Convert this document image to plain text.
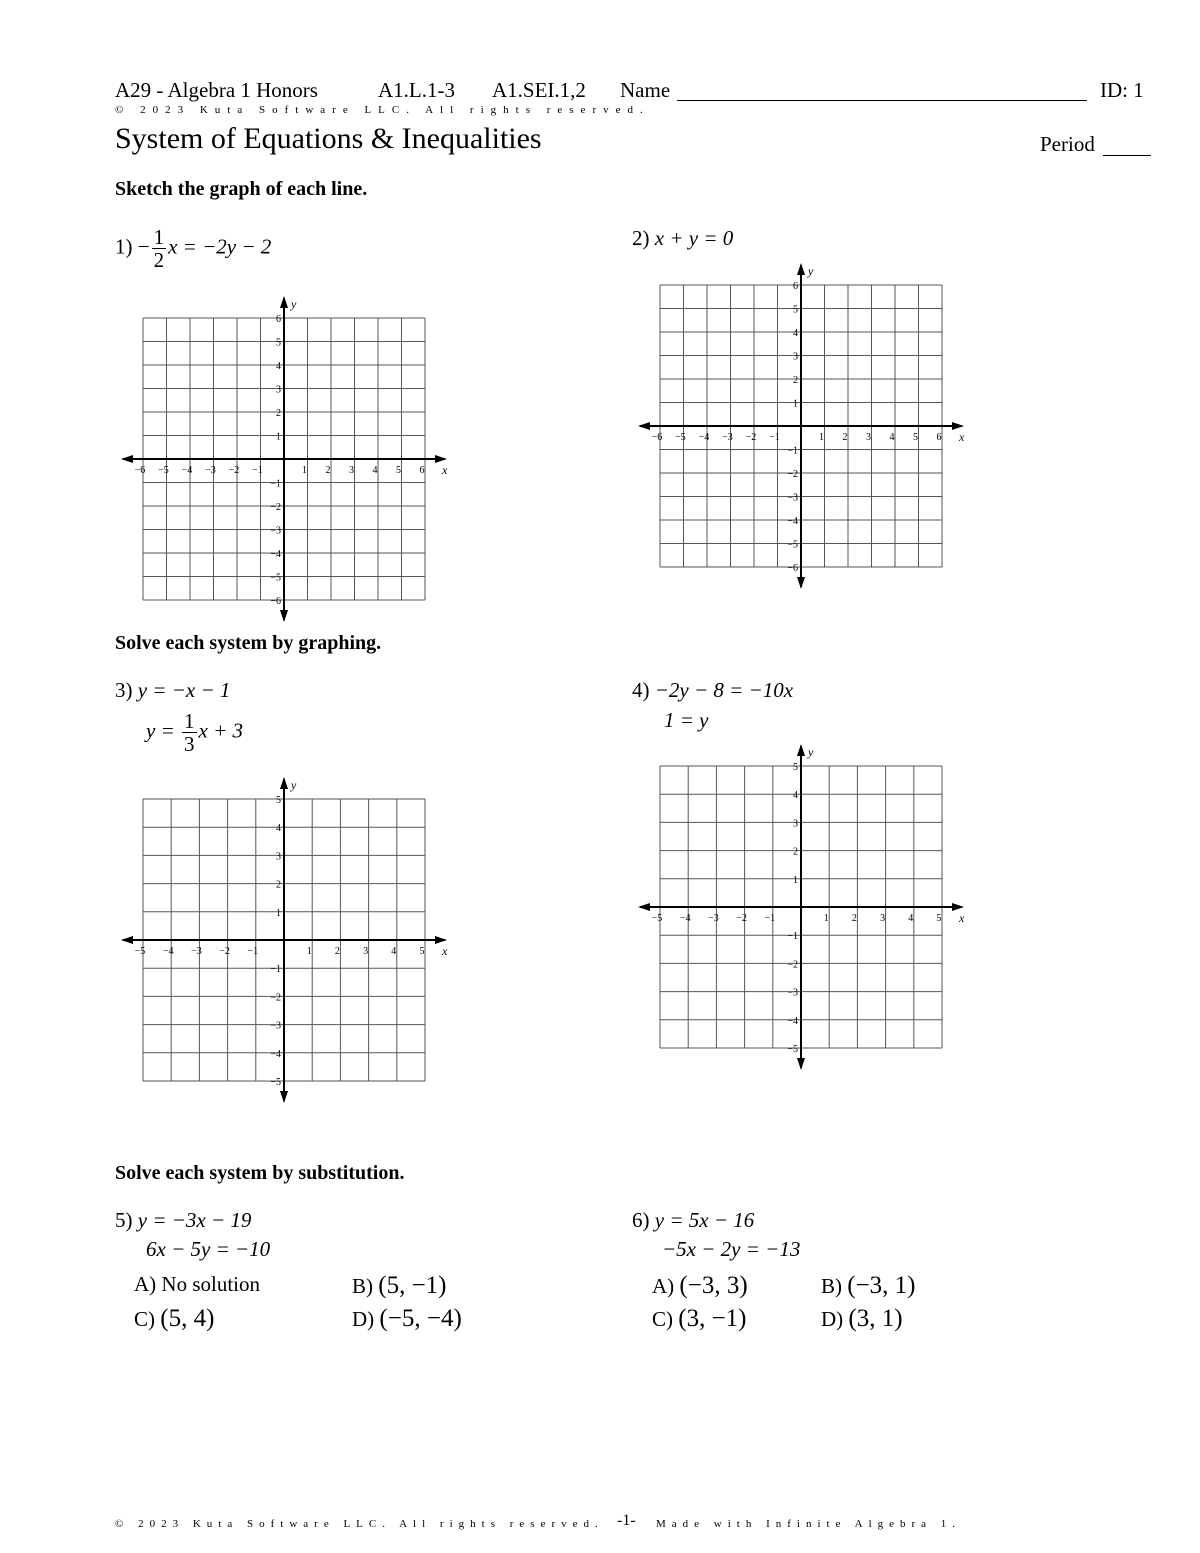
A29 - Algebra 1 Honors	A1.L.1-3 A1.SEI.1,2 Name	ID: 1
© 2023 Kuta Software LLC. All rights reserved.
System of Equations & Inequalities	Period
Sketch the graph of each line.
$1) - \frac{1}{2}$ x = −2y − 2	2) x + y = 0
−6
−6
−5
−5
−4
−4
−3
−3
−2
−2
−1
−1
1
1
2
2
3
3
4
4
5
5
6
6
x
y
−6
−6
−5
−5
−4
−4
−3
−3
−2
−2
−1
−1
1
1
2
2
3
3
4
4
5
5
6
6
x
y
Solve each system by graphing.
3) y = −x − 1
$y = \frac{1}{3}$ x + 3
4) −2y − 8 = −10x
1 = y
−5
−5
−4
−4
−3
−3
−2
−2
−1
−1
1
1
2
2
3
3
4
4
5
5
x
y
−5
−5
−4
−4
−3
−3
−2
−2
−1
−1
1
1
2
2
3
3
4
4
5
5
x
y
Solve each system by substitution.
5) y = −3x − 19
6x − 5y = −10
A) No solution	B) (5, −1)
C) (5, 4)	D) (−5, −4)
6) y = 5x − 16
−5x − 2y = −13
A) (−3, 3)	B) (−3, 1)
C) (3, −1)	D) (3, 1)
© 2023 Kuta Software LLC. All rights reserved. -1- Made with Infinite Algebra 1.
